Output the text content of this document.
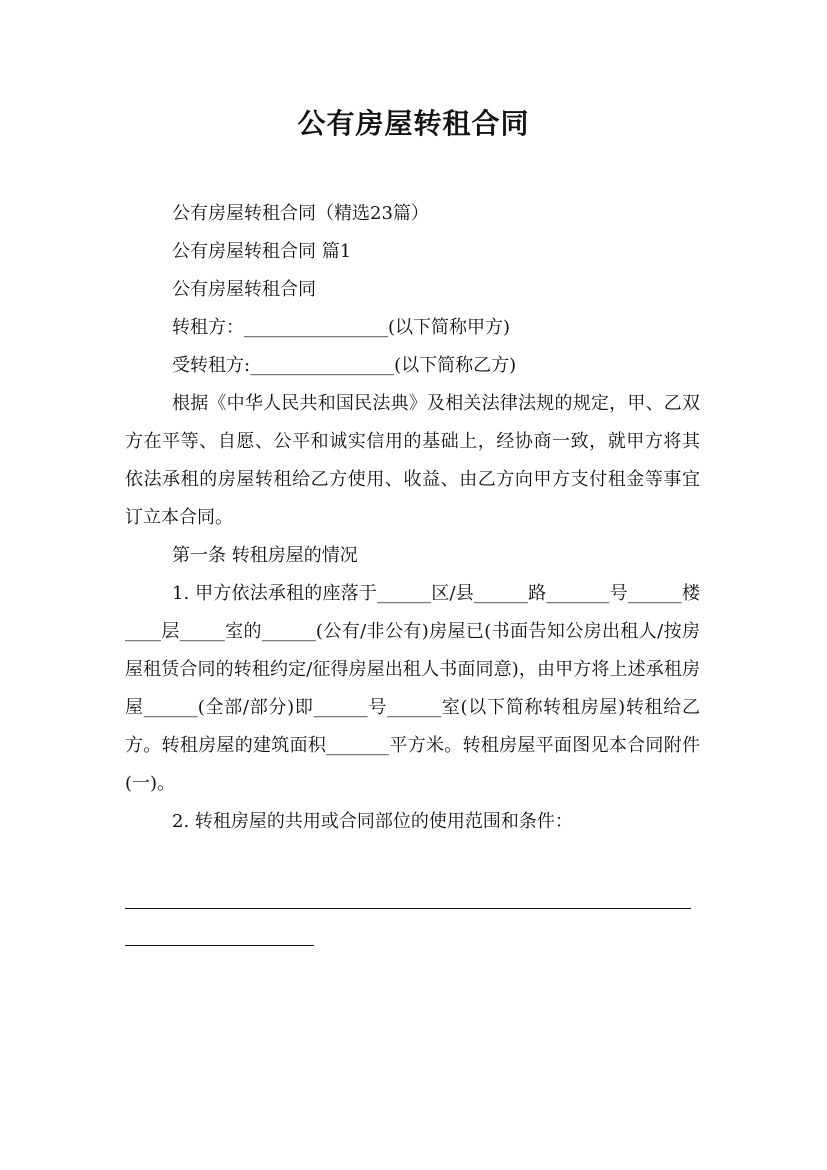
公有房屋转租合同

公有房屋转租合同（精选23篇）

公有房屋转租合同 篇1

公有房屋转租合同

转租方：________________(以下简称甲方)

受转租方:________________(以下简称乙方)

根据《中华人民共和国民法典》及相关法律法规的规定，甲、乙双方在平等、自愿、公平和诚实信用的基础上，经协商一致，就甲方将其依法承租的房屋转租给乙方使用、收益、由乙方向甲方支付租金等事宜订立本合同。

第一条 转租房屋的情况

1. 甲方依法承租的座落于______区/县______路_______号______楼____层_____室的______(公有/非公有)房屋已(书面告知公房出租人/按房屋租赁合同的转租约定/征得房屋出租人书面同意)，由甲方将上述承租房屋______(全部/部分)即______号______室(以下简称转租房屋)转租给乙方。转租房屋的建筑面积_______平方米。转租房屋平面图见本合同附件(一)。

2. 转租房屋的共用或合同部位的使用范围和条件：
